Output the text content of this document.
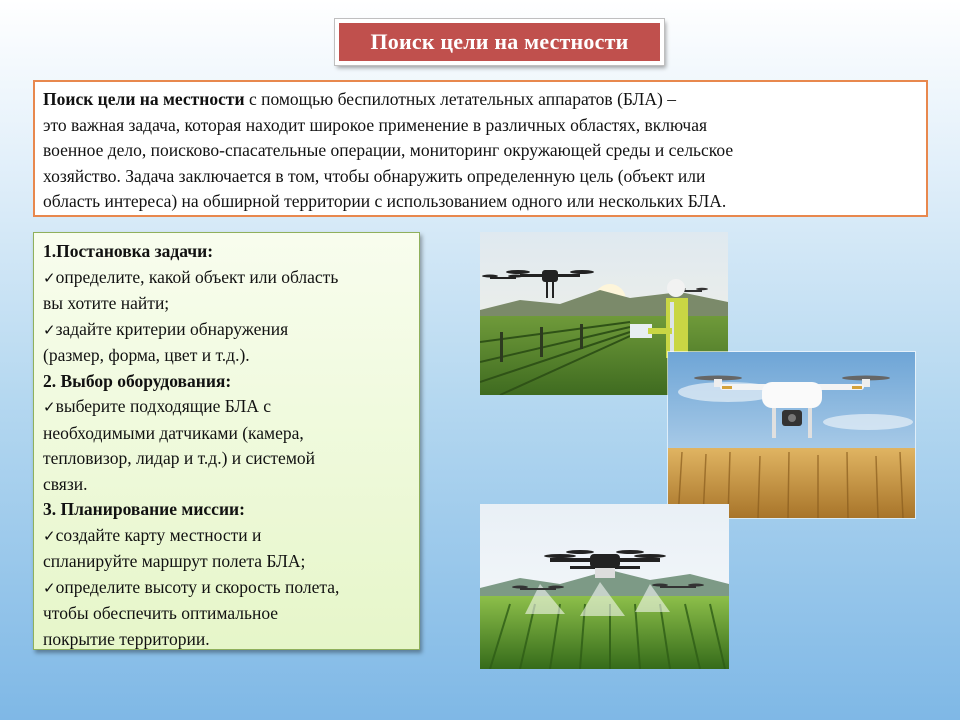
Поиск цели на местности
Поиск цели на местности с помощью беспилотных летательных аппаратов (БЛА) –
это важная задача, которая находит широкое применение в различных областях, включая
военное дело, поисково-спасательные операции, мониторинг окружающей среды и сельское
хозяйство. Задача заключается в том, чтобы обнаружить определенную цель (объект или
область интереса) на обширной территории с использованием одного или нескольких БЛА.
1.Постановка задачи:
✓определите, какой объект или область
вы хотите найти;
✓задайте критерии обнаружения
(размер, форма, цвет и т.д.).
2. Выбор оборудования:
✓выберите подходящие БЛА с
необходимыми датчиками (камера,
тепловизор, лидар и т.д.) и системой
связи.
3. Планирование миссии:
✓создайте карту местности и
спланируйте маршрут полета БЛА;
✓определите высоту и скорость полета,
чтобы обеспечить оптимальное
покрытие территории.
